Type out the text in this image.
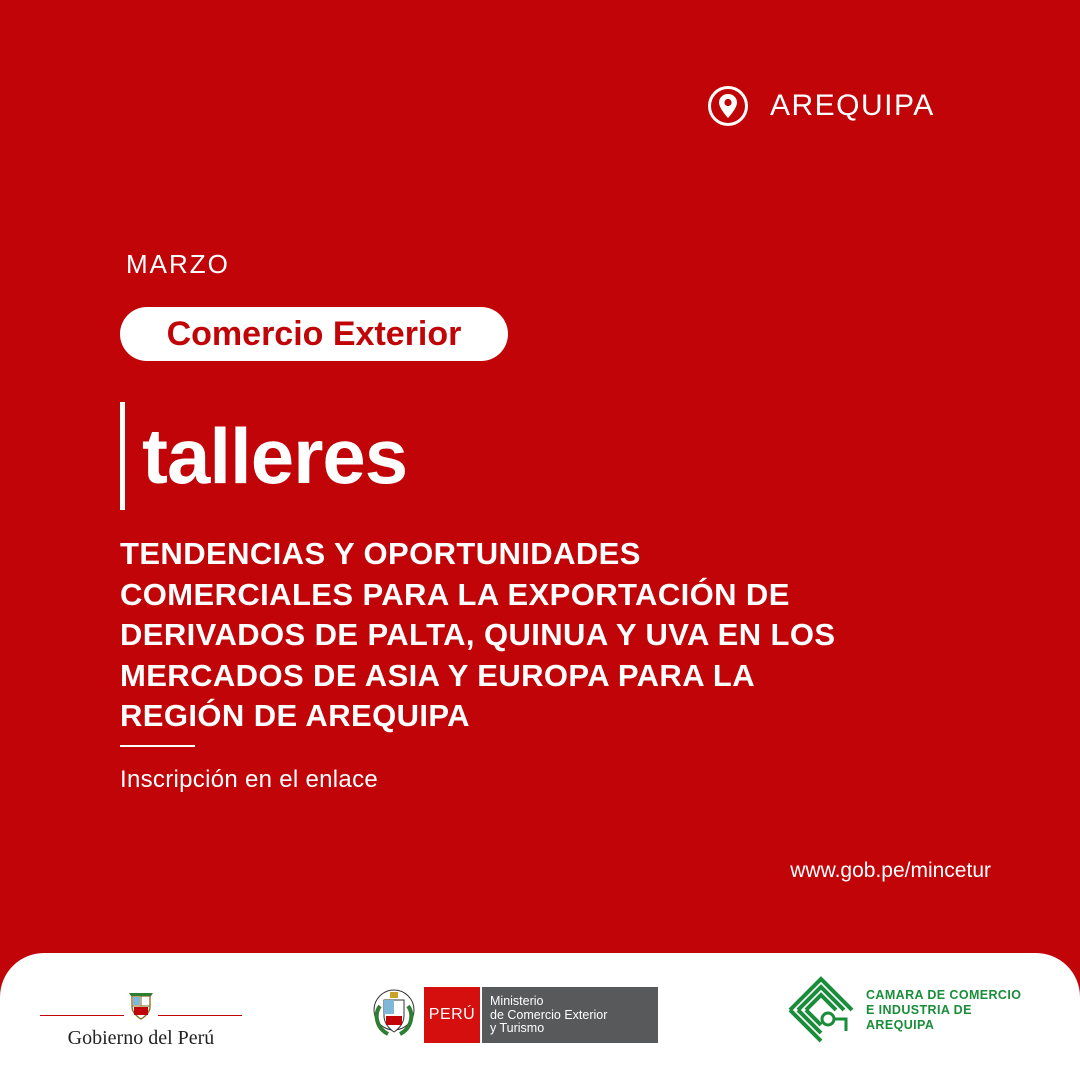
AREQUIPA
MARZO
Comercio Exterior
talleres
TENDENCIAS Y OPORTUNIDADES
COMERCIALES PARA LA EXPORTACIÓN DE
DERIVADOS DE PALTA, QUINUA Y UVA EN LOS
MERCADOS DE ASIA Y EUROPA PARA LA
REGIÓN DE AREQUIPA
Inscripción en el enlace
www.gob.pe/mincetur
Gobierno del Perú
PERÚ
Ministerio
de Comercio Exterior
y Turismo
CAMARA DE COMERCIO
E INDUSTRIA DE
AREQUIPA
